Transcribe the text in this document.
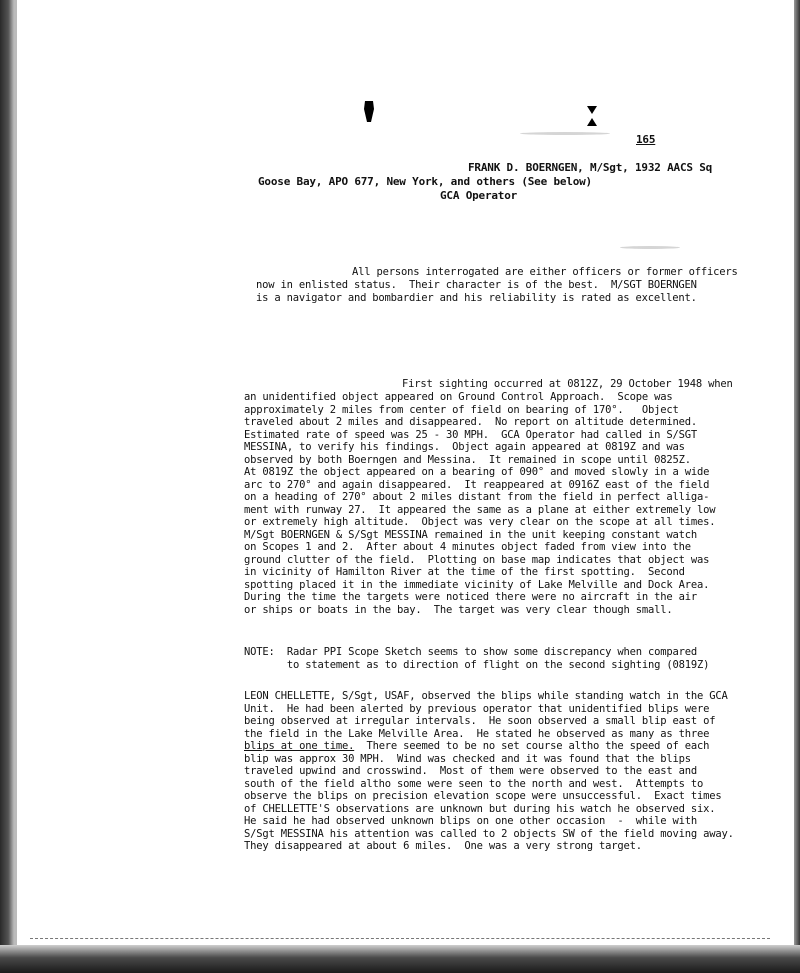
165
FRANK D. BOERNGEN, M/Sgt, 1932 AACS Sq
Goose Bay, APO 677, New York, and others (See below)
GCA Operator
All persons interrogated are either officers or former officers
now in enlisted status.  Their character is of the best.  M/SGT BOERNGEN
is a navigator and bombardier and his reliability is rated as excellent.
First sighting occurred at 0812Z, 29 October 1948 when
an unidentified object appeared on Ground Control Approach.  Scope was
approximately 2 miles from center of field on bearing of 170°.   Object
traveled about 2 miles and disappeared.  No report on altitude determined.
Estimated rate of speed was 25 - 30 MPH.  GCA Operator had called in S/SGT
MESSINA, to verify his findings.  Object again appeared at 0819Z and was
observed by both Boerngen and Messina.  It remained in scope until 0825Z.
At 0819Z the object appeared on a bearing of 090° and moved slowly in a wide
arc to 270° and again disappeared.  It reappeared at 0916Z east of the field
on a heading of 270° about 2 miles distant from the field in perfect alliga-
ment with runway 27.  It appeared the same as a plane at either extremely low
or extremely high altitude.  Object was very clear on the scope at all times.
M/Sgt BOERNGEN & S/Sgt MESSINA remained in the unit keeping constant watch
on Scopes 1 and 2.  After about 4 minutes object faded from view into the
ground clutter of the field.  Plotting on base map indicates that object was
in vicinity of Hamilton River at the time of the first spotting.  Second
spotting placed it in the immediate vicinity of Lake Melville and Dock Area.
During the time the targets were noticed there were no aircraft in the air
or ships or boats in the bay.  The target was very clear though small.
NOTE:  Radar PPI Scope Sketch seems to show some discrepancy when compared
to statement as to direction of flight on the second sighting (0819Z)
LEON CHELLETTE, S/Sgt, USAF, observed the blips while standing watch in the GCA
Unit.  He had been alerted by previous operator that unidentified blips were
being observed at irregular intervals.  He soon observed a small blip east of
the field in the Lake Melville Area.  He stated he observed as many as three
blips at one time.  There seemed to be no set course altho the speed of each
blip was approx 30 MPH.  Wind was checked and it was found that the blips
traveled upwind and crosswind.  Most of them were observed to the east and
south of the field altho some were seen to the north and west.  Attempts to
observe the blips on precision elevation scope were unsuccessful.  Exact times
of CHELLETTE'S observations are unknown but during his watch he observed six.
He said he had observed unknown blips on one other occasion  -  while with
S/Sgt MESSINA his attention was called to 2 objects SW of the field moving away.
They disappeared at about 6 miles.  One was a very strong target.
